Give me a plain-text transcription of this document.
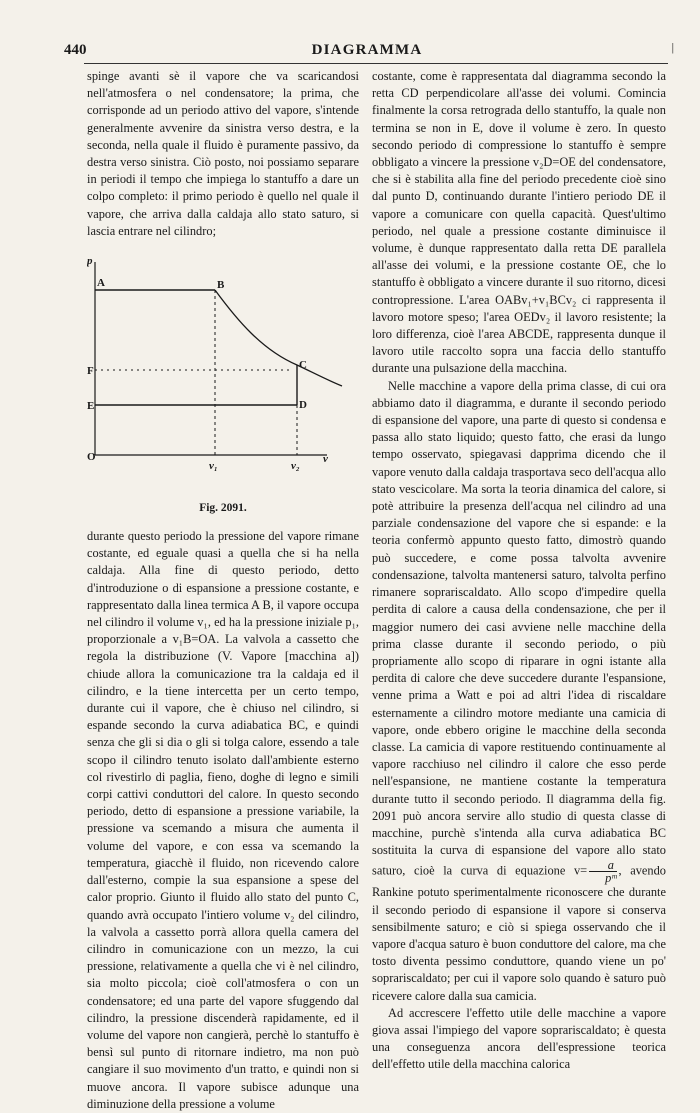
440	DIAGRAMMA	|

spinge avanti sè il vapore che va scaricandosi nell'atmosfera o nel condensatore; la prima, che corrisponde ad un periodo attivo del vapore, s'intende generalmente avvenire da sinistra verso destra, e la seconda, nella quale il fluido è puramente passivo, da destra verso sinistra. Ciò posto, noi possiamo separare in periodi il tempo che impiega lo stantuffo a dare un colpo completo: il primo periodo è quello nel quale il vapore, che arriva dalla caldaja allo stato saturo, si lascia entrare nel cilindro;

p
A	B
F	C
E	D
O
v₁	v₂
v
Fig. 2091.

durante questo periodo la pressione del vapore rimane costante, ed eguale quasi a quella che si ha nella caldaja. Alla fine di questo periodo, detto d'introduzione o di espansione a pressione costante, e rappresentato dalla linea termica A B, il vapore occupa nel cilindro il volume v₁, ed ha la pressione iniziale p₁, proporzionale a v₁B=OA. La valvola a cassetto che regola la distribuzione (V. Vapore [macchina a]) chiude allora la comunicazione tra la caldaja ed il cilindro, e la tiene intercetta per un certo tempo, durante cui il vapore, che è chiuso nel cilindro, si espande secondo la curva adiabatica BC, e quindi senza che gli si dia o gli si tolga calore, essendo a tale scopo il cilindro tenuto isolato dall'ambiente esterno col rivestirlo di paglia, fieno, doghe di legno e simili corpi cattivi conduttori del calore. In questo secondo periodo, detto di espansione a pressione variabile, la pressione va scemando a misura che aumenta il volume del vapore, e con essa va scemando la temperatura, giacchè il fluido, non ricevendo calore dall'esterno, compie la sua espansione a spese del calor proprio. Giunto il fluido allo stato del punto C, quando avrà occupato l'intiero volume v₂ del cilindro, la valvola a cassetto porrà allora quella camera del cilindro in comunicazione con un mezzo, la cui pressione, relativamente a quella che vi è nel cilindro, sia molto piccola; cioè coll'atmosfera o con un condensatore; ed una parte del vapore sfuggendo dal cilindro, la pressione discenderà rapidamente, ed il volume del vapore non cangierà, perchè lo stantuffo è bensì sul punto di ritornare indietro, ma non può cangiare il suo movimento d'un tratto, e quindi non si muove ancora. Il vapore subisce adunque una diminuzione della pressione a volume

costante, come è rappresentata dal diagramma secondo la retta CD perpendicolare all'asse dei volumi. Comincia finalmente la corsa retrograda dello stantuffo, la quale non termina se non in E, dove il volume è zero. In questo secondo periodo di compressione lo stantuffo è sempre obbligato a vincere la pressione v₂D=OE del condensatore, che si è stabilita alla fine del periodo precedente cioè sino dal punto D, continuando durante l'intiero periodo DE il vapore a comunicare con quella capacità. Quest'ultimo periodo, nel quale a pressione costante diminuisce il volume, è dunque rappresentato dalla retta DE parallela all'asse dei volumi, e la pressione costante OE, che lo stantuffo è obbligato a vincere durante il suo ritorno, dicesi contropressione. L'area OABv₁+v₁BCv₂ ci rappresenta il lavoro motore speso; l'area OEDv₂ il lavoro resistente; la loro differenza, cioè l'area ABCDE, rappresenta dunque il lavoro utile raccolto sopra una faccia dello stantuffo durante una pulsazione della macchina.

Nelle macchine a vapore della prima classe, di cui ora abbiamo dato il diagramma, e durante il secondo periodo di espansione del vapore, una parte di questo si condensa e passa allo stato liquido; questo fatto, che erasi da lungo tempo osservato, spiegavasi dapprima dicendo che il vapore venuto dalla caldaja trasportava seco dell'acqua allo stato vescicolare. Ma sorta la teoria dinamica del calore, si potè attribuire la presenza dell'acqua nel cilindro ad una parziale condensazione del vapore che si espande: e la teoria confermò appunto questo fatto, dimostrò quando può succedere, e come possa talvolta avvenire condensazione, talvolta mantenersi saturo, talvolta perfino rimanere soprariscaldato. Allo scopo d'impedire quella perdita di calore a causa della condensazione, che per il maggior numero dei casi avviene nelle macchine della prima classe durante il secondo periodo, o più propriamente allo scopo di riparare in ogni istante alla perdita di calore che deve succedere durante l'espansione, venne prima a Watt e poi ad altri l'idea di riscaldare esternamente a cilindro motore mediante una camicia di vapore, onde ebbero origine le macchine della seconda classe. La camicia di vapore restituendo continuamente al vapore racchiuso nel cilindro il calore che esso perde nell'espansione, ne mantiene costante la temperatura durante tutto il secondo periodo. Il diagramma della fig. 2091 può ancora servire allo studio di questa classe di macchine, purchè s'intenda alla curva adiabatica BC sostituita la curva di espansione del vapore allo stato saturo, cioè la curva di equazione $v= \frac{a}{\text{pᵐ}}$ , avendo Rankine potuto sperimentalmente riconoscere che durante il secondo periodo di espansione il vapore si conserva sensibilmente saturo; e ciò si spiega osservando che il vapore d'acqua saturo è buon conduttore del calore, ma che tosto diventa pessimo conduttore, quando viene un po' soprariscaldato; per cui il vapore solo quando è saturo può ricevere calore dalla sua camicia.

Ad accrescere l'effetto utile delle macchine a vapore giova assai l'impiego del vapore soprariscaldato; è questa una conseguenza ancora dell'espressione teorica dell'effetto utile della macchina calorica
